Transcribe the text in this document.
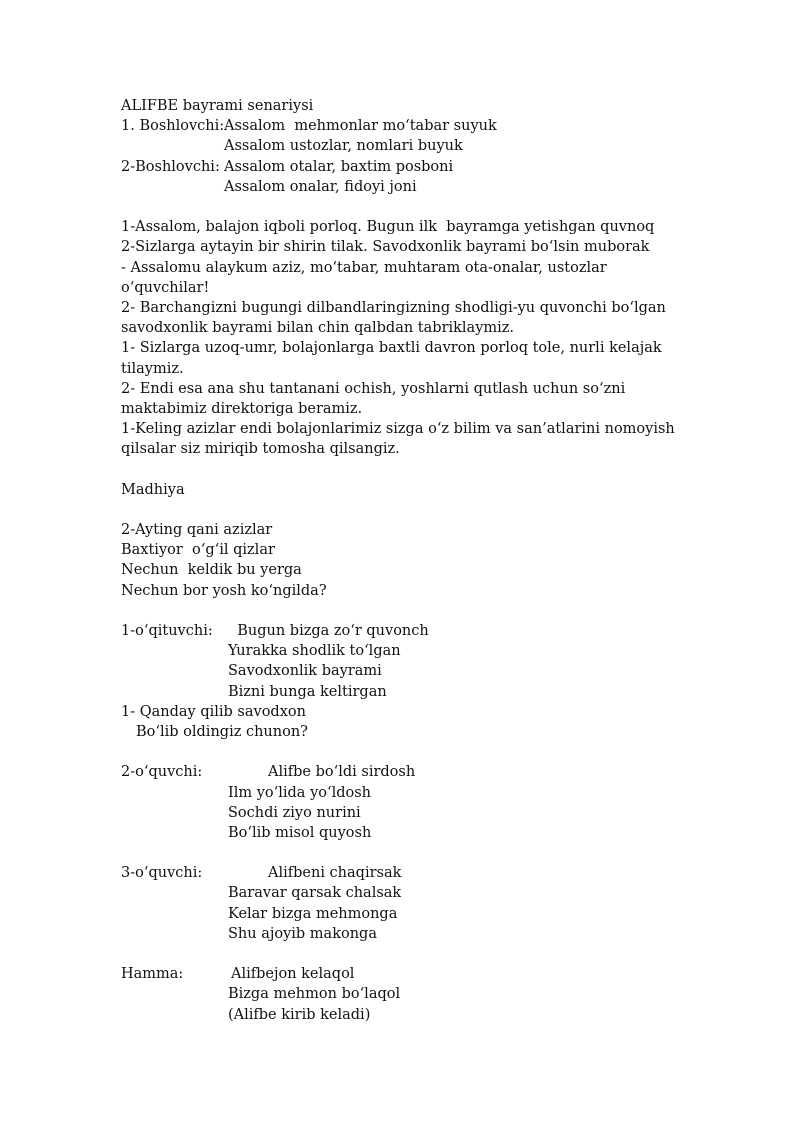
ALIFBE bayrami senariysi
1. Boshlovchi:
Assalom  mehmonlar mo‘tabar suyuk
Assalom ustozlar, nomlari buyuk
2-Boshlovchi:
Assalom otalar, baxtim posboni
Assalom onalar, fidoyi joni
1-Assalom, balajon iqboli porloq. Bugun ilk  bayramga yetishgan quvnoq
2-Sizlarga aytayin bir shirin tilak. Savodxonlik bayrami bo‘lsin muborak
- Assalomu alaykum aziz, mo‘tabar, muhtaram ota-onalar, ustozlar o‘quvchilar!
2- Barchangizni bugungi dilbandlaringizning shodligi-yu quvonchi bo‘lgan savodxonlik bayrami bilan chin qalbdan tabriklaymiz.
1- Sizlarga uzoq-umr, bolajonlarga baxtli davron porloq tole, nurli kelajak tilaymiz.
2- Endi esa ana shu tantanani ochish, yoshlarni qutlash uchun so‘zni maktabimiz direktoriga beramiz.
1-Keling azizlar endi bolajonlarimiz sizga o‘z bilim va san’atlarini nomoyish qilsalar siz miriqib tomosha qilsangiz.
Madhiya
2-Ayting qani azizlar
Baxtiyor  o‘g‘il qizlar
Nechun  keldik bu yerga
Nechun bor yosh ko‘ngilda?
1-o‘qituvchi:	Bugun bizga zo‘r quvonch
Yurakka shodlik to‘lgan
Savodxonlik bayrami
Bizni bunga keltirgan
1- Qanday qilib savodxon
Bo‘lib oldingiz chunon?
2-o‘quvchi:	Alifbe bo‘ldi sirdosh
Ilm yo‘lida yo‘ldosh
Sochdi ziyo nurini
Bo‘lib misol quyosh
3-o‘quvchi:	Alifbeni chaqirsak
Baravar qarsak chalsak
Kelar bizga mehmonga
Shu ajoyib makonga
Hamma:	Alifbejon kelaqol
Bizga mehmon bo‘laqol
(Alifbe kirib keladi)
